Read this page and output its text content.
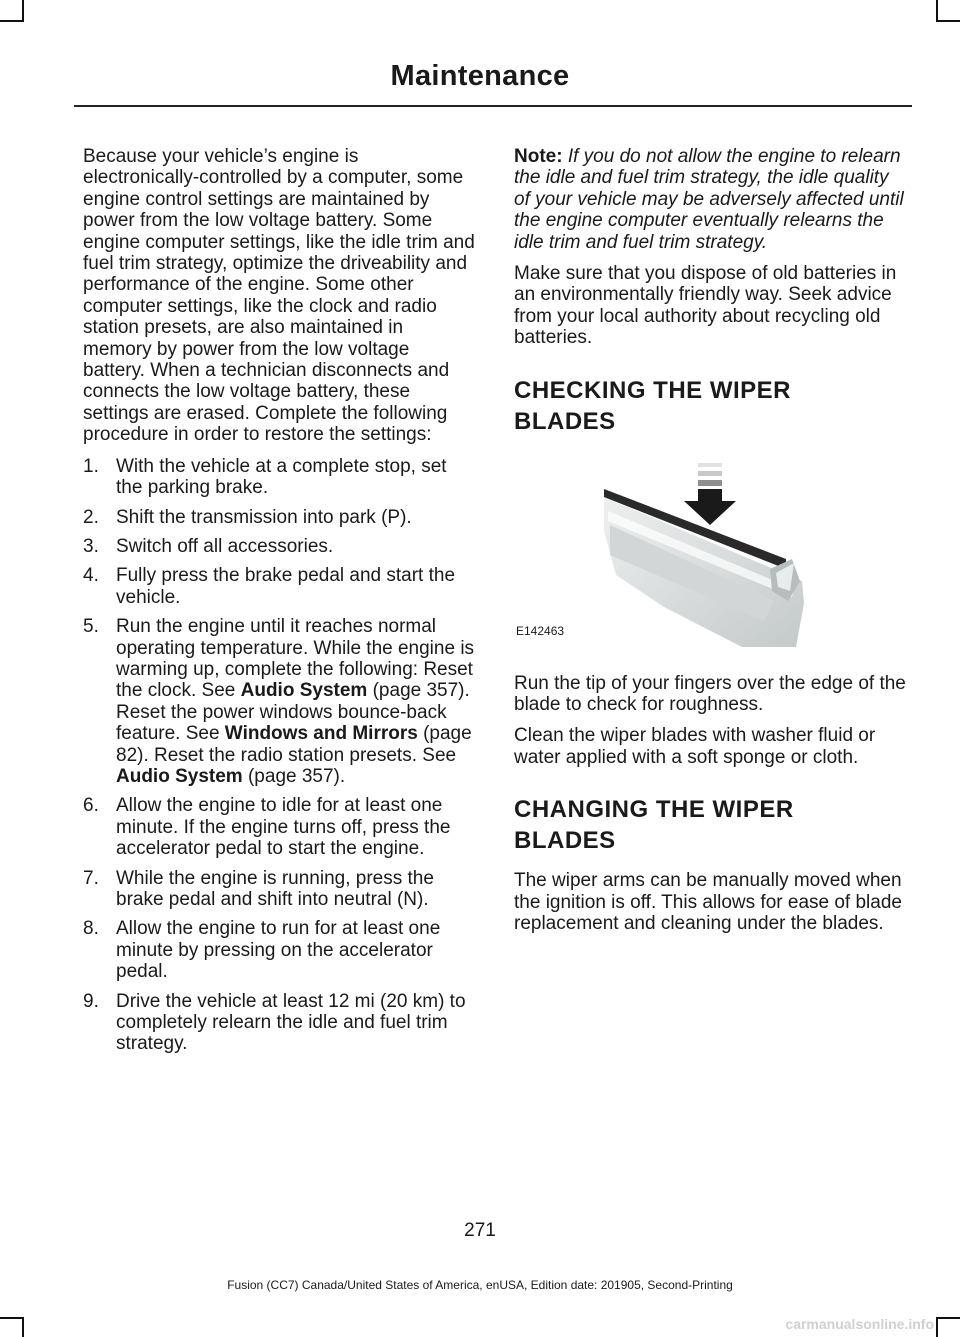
Maintenance

Because your vehicle’s engine is electronically-controlled by a computer, some engine control settings are maintained by power from the low voltage battery. Some engine computer settings, like the idle trim and fuel trim strategy, optimize the driveability and performance of the engine. Some other computer settings, like the clock and radio station presets, are also maintained in memory by power from the low voltage battery. When a technician disconnects and connects the low voltage battery, these settings are erased. Complete the following procedure in order to restore the settings:

1. With the vehicle at a complete stop, set the parking brake.
2. Shift the transmission into park (P).
3. Switch off all accessories.
4. Fully press the brake pedal and start the vehicle.
5. Run the engine until it reaches normal operating temperature. While the engine is warming up, complete the following: Reset the clock. See Audio System (page 357). Reset the power windows bounce-back feature. See Windows and Mirrors (page 82). Reset the radio station presets. See Audio System (page 357).
6. Allow the engine to idle for at least one minute. If the engine turns off, press the accelerator pedal to start the engine.
7. While the engine is running, press the brake pedal and shift into neutral (N).
8. Allow the engine to run for at least one minute by pressing on the accelerator pedal.
9. Drive the vehicle at least 12 mi (20 km) to completely relearn the idle and fuel trim strategy.

Note: If you do not allow the engine to relearn the idle and fuel trim strategy, the idle quality of your vehicle may be adversely affected until the engine computer eventually relearns the idle trim and fuel trim strategy.

Make sure that you dispose of old batteries in an environmentally friendly way. Seek advice from your local authority about recycling old batteries.

CHECKING THE WIPER BLADES
E142463

Run the tip of your fingers over the edge of the blade to check for roughness.

Clean the wiper blades with washer fluid or water applied with a soft sponge or cloth.

CHANGING THE WIPER BLADES

The wiper arms can be manually moved when the ignition is off. This allows for ease of blade replacement and cleaning under the blades.

271
Fusion (CC7) Canada/United States of America, enUSA, Edition date: 201905, Second-Printing
carmanualsonline.info
